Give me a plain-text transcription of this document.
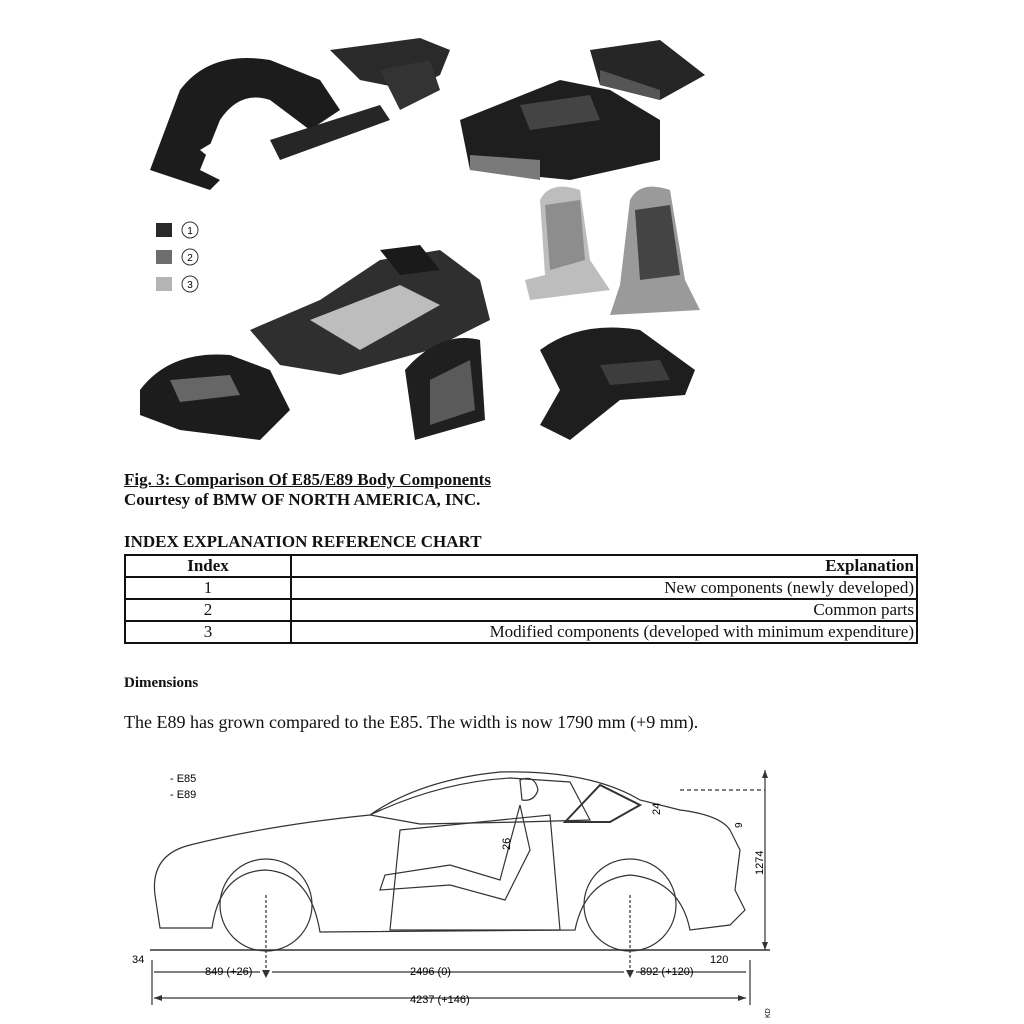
1
2
3
Fig. 3: Comparison Of E85/E89 Body Components
Courtesy of BMW OF NORTH AMERICA, INC.
INDEX EXPLANATION REFERENCE CHART
Index	Explanation
1	New components (newly developed)
2	Common parts
3	Modified components (developed with minimum expenditure)
Dimensions
The E89 has grown compared to the E85. The width is now 1790 mm (+9 mm).
- E85
- E89
34
849 (+26)	2496 (0)	892 (+120)
120
4237 (+146)
1274
24
26
9
KD
